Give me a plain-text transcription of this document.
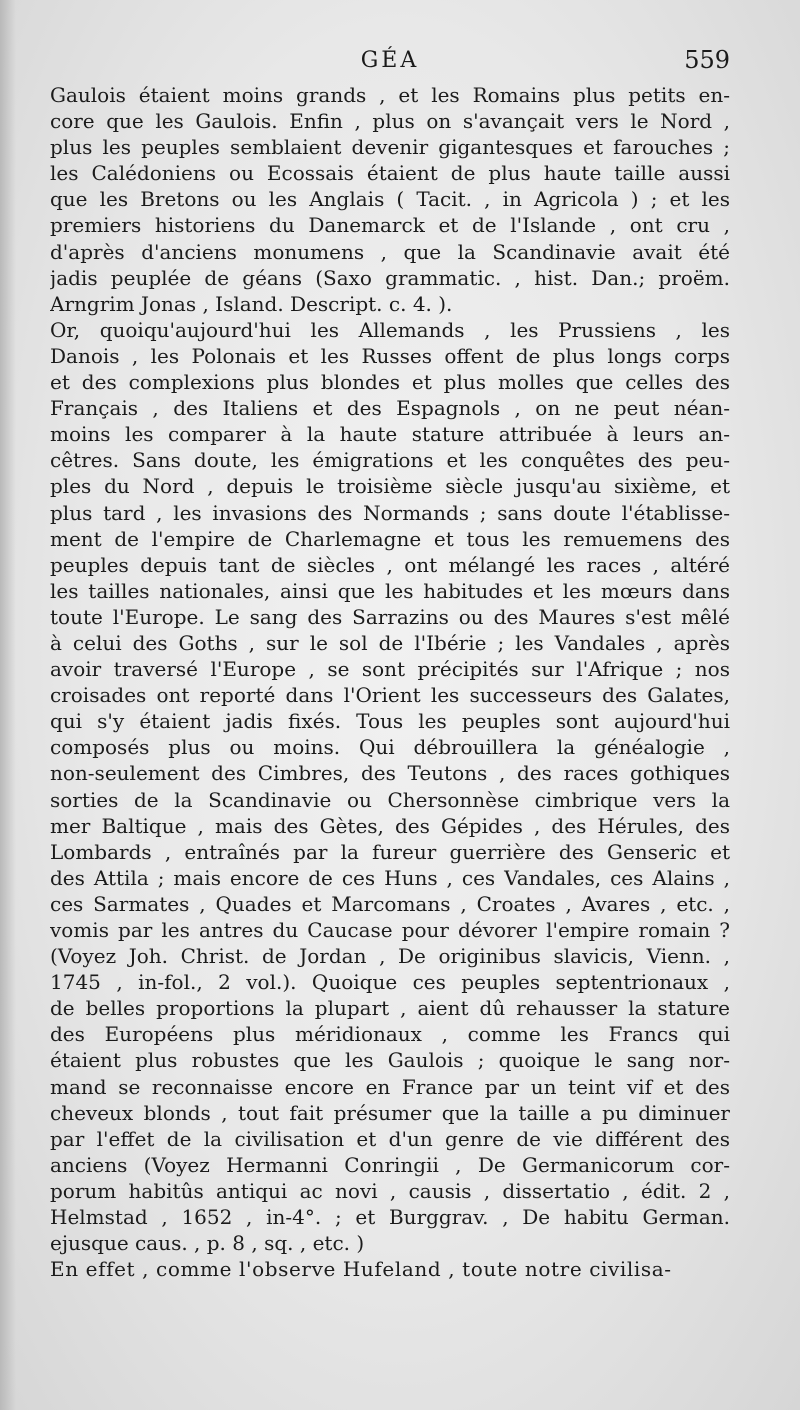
GÉA	559
Gaulois étaient moins grands , et les Romains plus petits en-
core que les Gaulois. Enfin , plus on s'avançait vers le Nord ,
plus les peuples semblaient devenir gigantesques et farouches ;
les Calédoniens ou Ecossais étaient de plus haute taille aussi
que les Bretons ou les Anglais ( Tacit. , in Agricola ) ; et les
premiers historiens du Danemarck et de l'Islande , ont cru ,
d'après d'anciens monumens , que la Scandinavie avait été
jadis peuplée de géans (Saxo grammatic. , hist. Dan.; proëm.
Arngrim Jonas , Island. Descript. c. 4. ).
Or, quoiqu'aujourd'hui les Allemands , les Prussiens , les
Danois , les Polonais et les Russes offent de plus longs corps
et des complexions plus blondes et plus molles que celles des
Français , des Italiens et des Espagnols , on ne peut néan-
moins les comparer à la haute stature attribuée à leurs an-
cêtres. Sans doute, les émigrations et les conquêtes des peu-
ples du Nord , depuis le troisième siècle jusqu'au sixième, et
plus tard , les invasions des Normands ; sans doute l'établisse-
ment de l'empire de Charlemagne et tous les remuemens des
peuples depuis tant de siècles , ont mélangé les races , altéré
les tailles nationales, ainsi que les habitudes et les mœurs dans
toute l'Europe. Le sang des Sarrazins ou des Maures s'est mêlé
à celui des Goths , sur le sol de l'Ibérie ; les Vandales , après
avoir traversé l'Europe , se sont précipités sur l'Afrique ; nos
croisades ont reporté dans l'Orient les successeurs des Galates,
qui s'y étaient jadis fixés. Tous les peuples sont aujourd'hui
composés plus ou moins. Qui débrouillera la généalogie ,
non-seulement des Cimbres, des Teutons , des races gothiques
sorties de la Scandinavie ou Chersonnèse cimbrique vers la
mer Baltique , mais des Gètes, des Gépides , des Hérules, des
Lombards , entraînés par la fureur guerrière des Genseric et
des Attila ; mais encore de ces Huns , ces Vandales, ces Alains ,
ces Sarmates , Quades et Marcomans , Croates , Avares , etc. ,
vomis par les antres du Caucase pour dévorer l'empire romain ?
(Voyez Joh. Christ. de Jordan , De originibus slavicis, Vienn. ,
1745 , in-fol., 2 vol.). Quoique ces peuples septentrionaux ,
de belles proportions la plupart , aient dû rehausser la stature
des Européens plus méridionaux , comme les Francs qui
étaient plus robustes que les Gaulois ; quoique le sang nor-
mand se reconnaisse encore en France par un teint vif et des
cheveux blonds , tout fait présumer que la taille a pu diminuer
par l'effet de la civilisation et d'un genre de vie différent des
anciens (Voyez Hermanni Conringii , De Germanicorum cor-
porum habitûs antiqui ac novi , causis , dissertatio , édit. 2 ,
Helmstad , 1652 , in-4°. ; et Burggrav. , De habitu German.
ejusque caus. , p. 8 , sq. , etc. )
En effet , comme l'observe Hufeland , toute notre civilisa-
